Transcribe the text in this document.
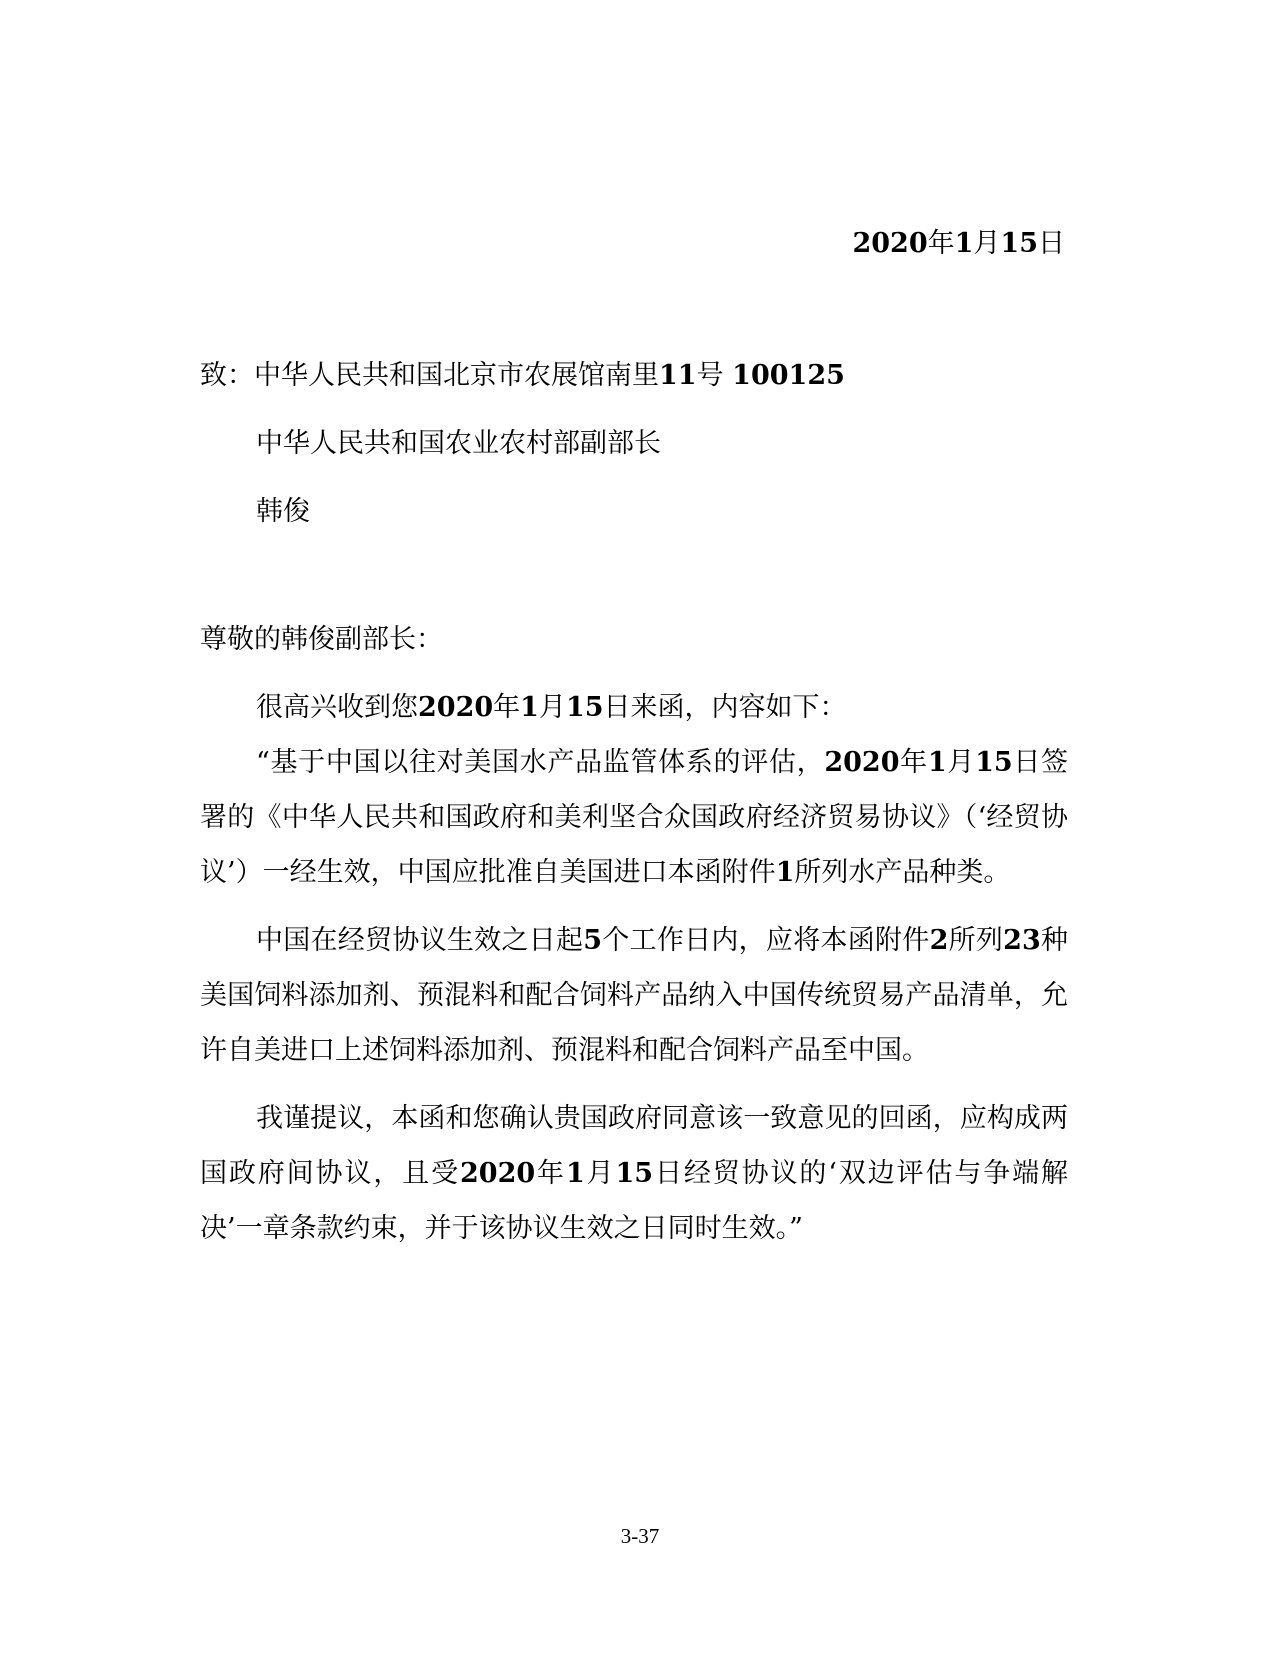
2020年1月15日
致：中华人民共和国北京市农展馆南里11号 100125
中华人民共和国农业农村部副部长
韩俊

尊敬的韩俊副部长：

很高兴收到您2020年1月15日来函，内容如下：

“基于中国以往对美国水产品监管体系的评估，2020年1月15日签署的《中华人民共和国政府和美利坚合众国政府经济贸易协议》（‘经贸协议’）一经生效，中国应批准自美国进口本函附件1所列水产品种类。

中国在经贸协议生效之日起5个工作日内，应将本函附件2所列23种美国饲料添加剂、预混料和配合饲料产品纳入中国传统贸易产品清单，允许自美进口上述饲料添加剂、预混料和配合饲料产品至中国。

我谨提议，本函和您确认贵国政府同意该一致意见的回函，应构成两国政府间协议，且受2020年1月15日经贸协议的‘双边评估与争端解决’一章条款约束，并于该协议生效之日同时生效。”

3-37
